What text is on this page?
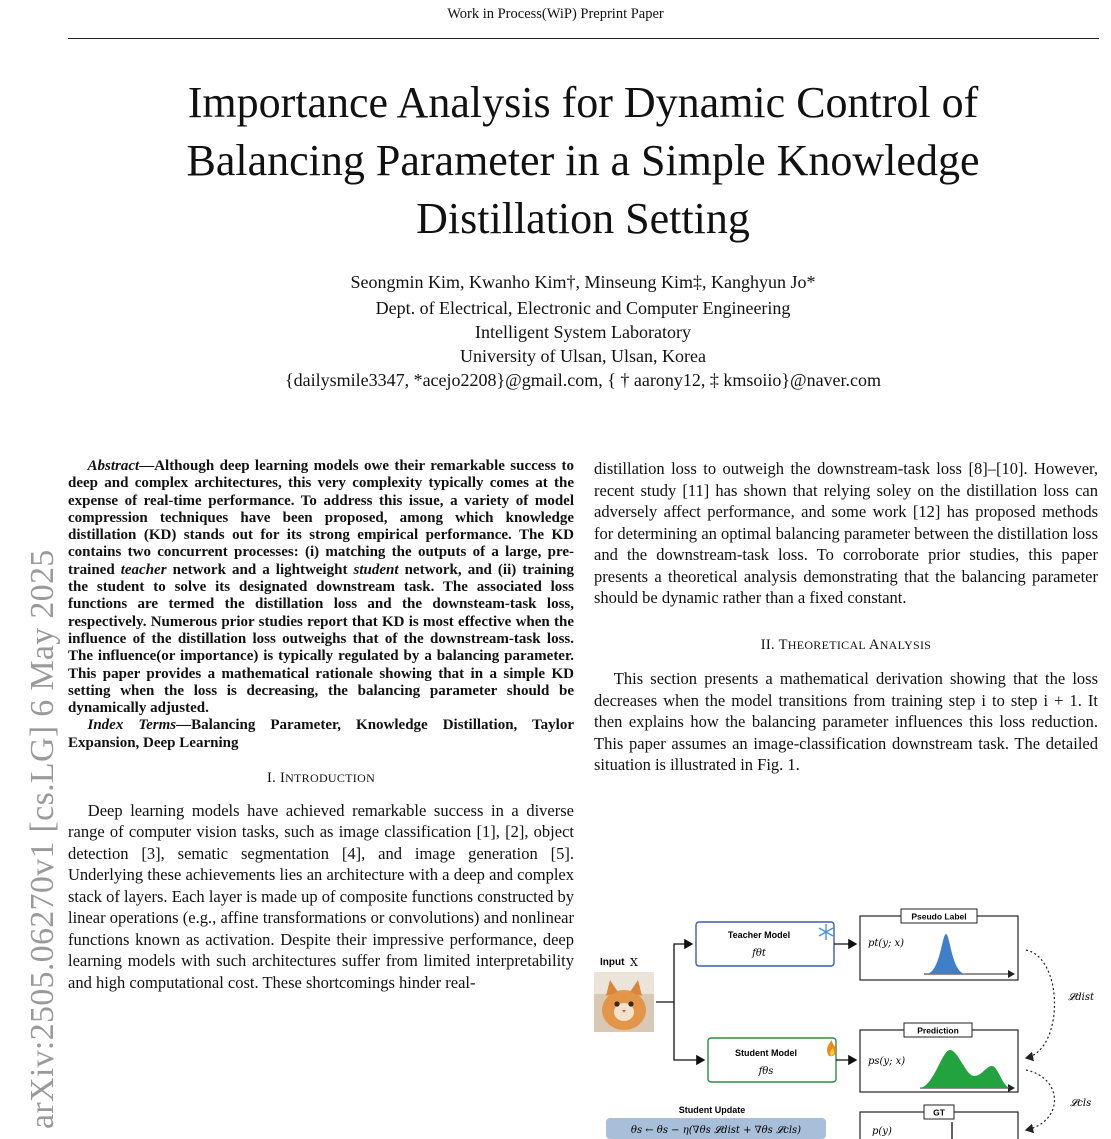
Work in Process(WiP) Preprint Paper
Importance Analysis for Dynamic Control of
Balancing Parameter in a Simple Knowledge
Distillation Setting
Seongmin Kim, Kwanho Kim†, Minseung Kim‡, Kanghyun Jo*
Dept. of Electrical, Electronic and Computer Engineering
Intelligent System Laboratory
University of Ulsan, Ulsan, Korea
{dailysmile3347, *acejo2208}@gmail.com, { † aarony12, ‡ kmsoiio}@naver.com
arXiv:2505.06270v1 [cs.LG] 6 May 2025
Abstract—Although deep learning models owe their remarkable success to deep and complex architectures, this very complexity typically comes at the expense of real-time performance. To address this issue, a variety of model compression techniques have been proposed, among which knowledge distillation (KD) stands out for its strong empirical performance. The KD contains two concurrent processes: (i) matching the outputs of a large, pre-trained teacher network and a lightweight student network, and (ii) training the student to solve its designated downstream task. The associated loss functions are termed the distillation loss and the downsteam-task loss, respectively. Numerous prior studies report that KD is most effective when the influence of the distillation loss outweighs that of the downstream-task loss. The influence(or importance) is typically regulated by a balancing parameter. This paper provides a mathematical rationale showing that in a simple KD setting when the loss is decreasing, the balancing parameter should be dynamically adjusted.
Index Terms—Balancing Parameter, Knowledge Distillation, Taylor Expansion, Deep Learning
I. INTRODUCTION

Deep learning models have achieved remarkable success in a diverse range of computer vision tasks, such as image classification [1], [2], object detection [3], sematic segmentation [4], and image generation [5]. Underlying these achievements lies an architecture with a deep and complex stack of layers. Each layer is made up of composite functions constructed by linear operations (e.g., affine transformations or convolutions) and nonlinear functions known as activation. Despite their impressive performance, deep learning models with such architectures suffer from limited interpretability and high computational cost. These shortcomings hinder real-

distillation loss to outweigh the downstream-task loss [8]–[10]. However, recent study [11] has shown that relying soley on the distillation loss can adversely affect performance, and some work [12] has proposed methods for determining an optimal balancing parameter between the distillation loss and the downstream-task loss. To corroborate prior studies, this paper presents a theoretical analysis demonstrating that the balancing parameter should be dynamic rather than a fixed constant.

II. THEORETICAL ANALYSIS

This section presents a mathematical derivation showing that the loss decreases when the model transitions from training step i to step i + 1. It then explains how the balancing parameter influences this loss reduction. This paper assumes an image-classification downstream task. The detailed situation is illustrated in Fig. 1.

Input X
Teacher Model
fθt
Student Model
fθs
Pseudo Label
pt(y; x)
Prediction
ps(y; x)
GT
p(y)
𝓛dist
𝓛cls
Student Update
θs ← θs − η(∇θs 𝓛dist + ∇θs 𝓛cls)
